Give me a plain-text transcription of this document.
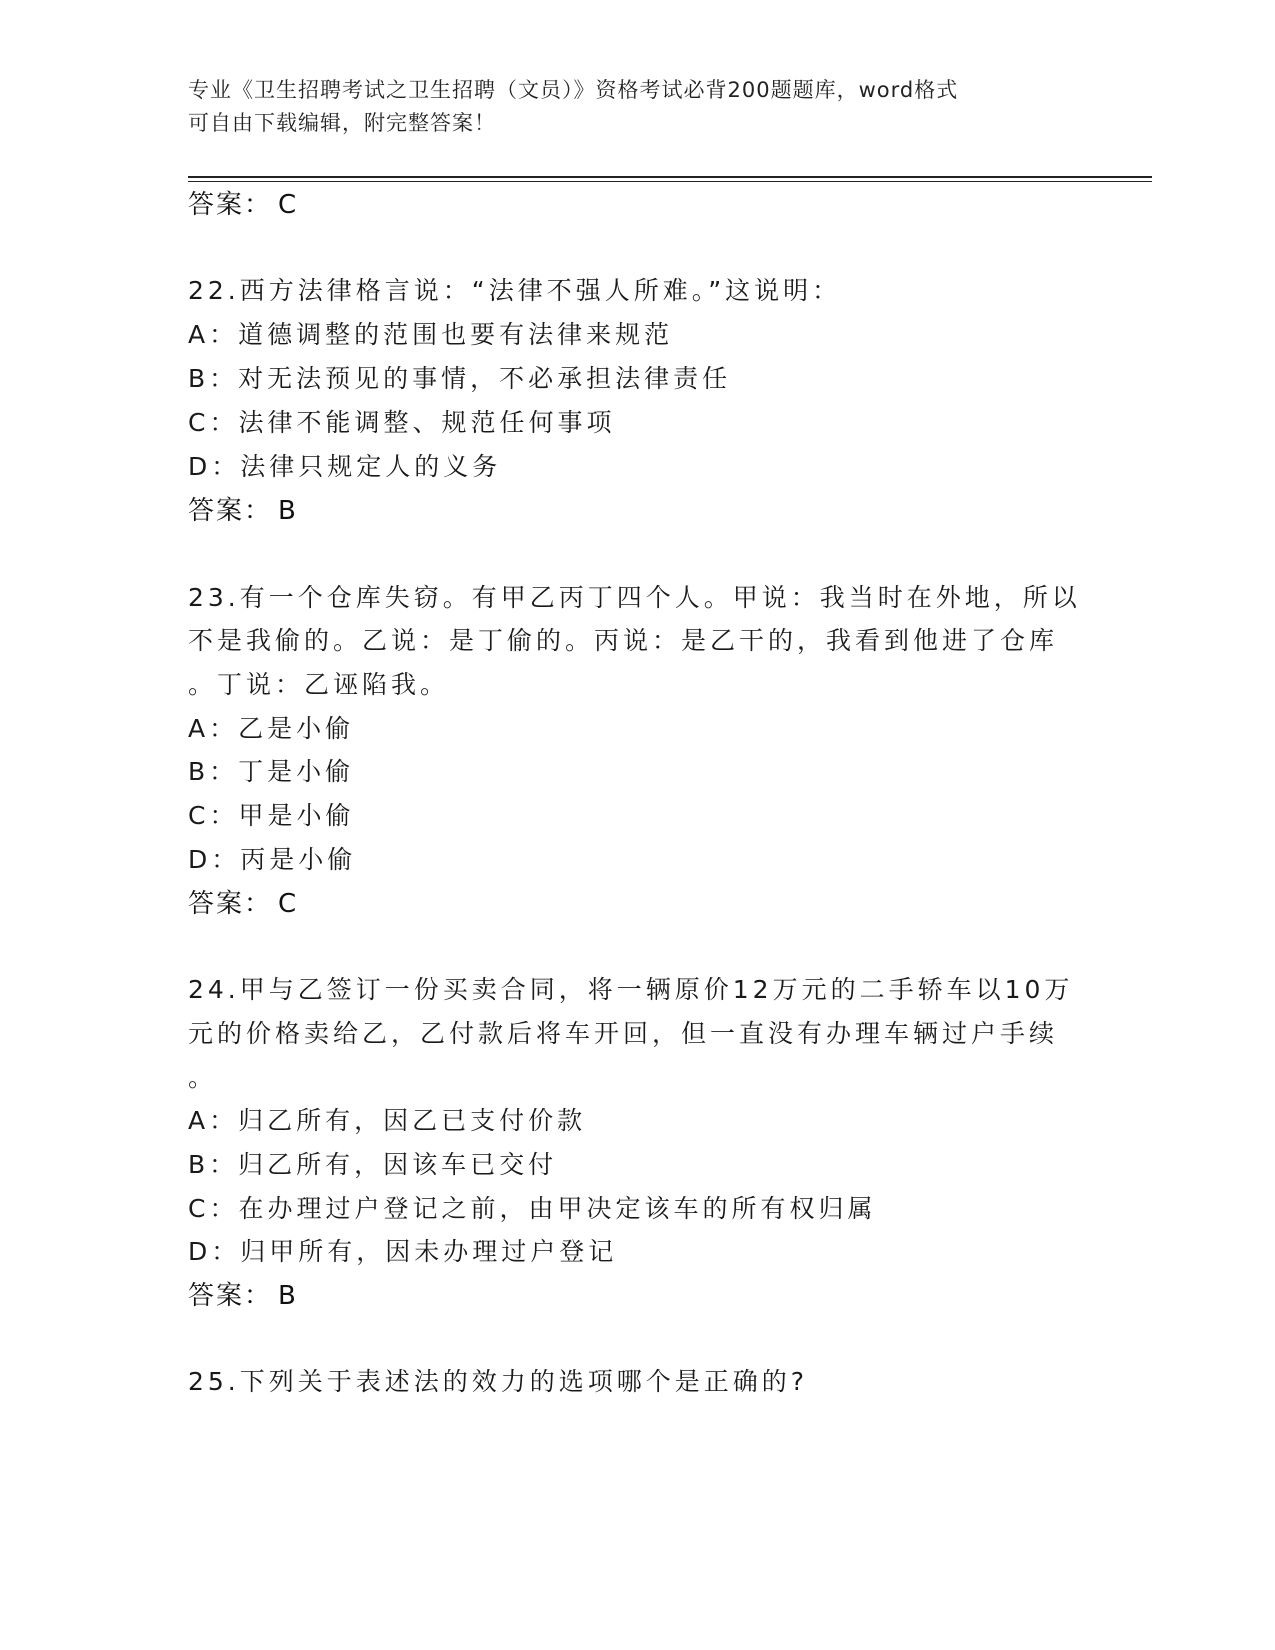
专业《卫生招聘考试之卫生招聘（文员）》资格考试必背200题题库，word格式
可自由下载编辑，附完整答案！
答案： C
22.西方法律格言说：“法律不强人所难。”这说明：
A：道德调整的范围也要有法律来规范
B：对无法预见的事情，不必承担法律责任
C：法律不能调整、规范任何事项
D：法律只规定人的义务
答案： B
23.有一个仓库失窃。有甲乙丙丁四个人。甲说：我当时在外地，所以
不是我偷的。乙说：是丁偷的。丙说：是乙干的，我看到他进了仓库
。丁说：乙诬陷我。
A：乙是小偷
B：丁是小偷
C：甲是小偷
D：丙是小偷
答案： C
24.甲与乙签订一份买卖合同，将一辆原价12万元的二手轿车以10万
元的价格卖给乙，乙付款后将车开回，但一直没有办理车辆过户手续
。
A：归乙所有，因乙已支付价款
B：归乙所有，因该车已交付
C：在办理过户登记之前，由甲决定该车的所有权归属
D：归甲所有，因未办理过户登记
答案： B
25.下列关于表述法的效力的选项哪个是正确的?
